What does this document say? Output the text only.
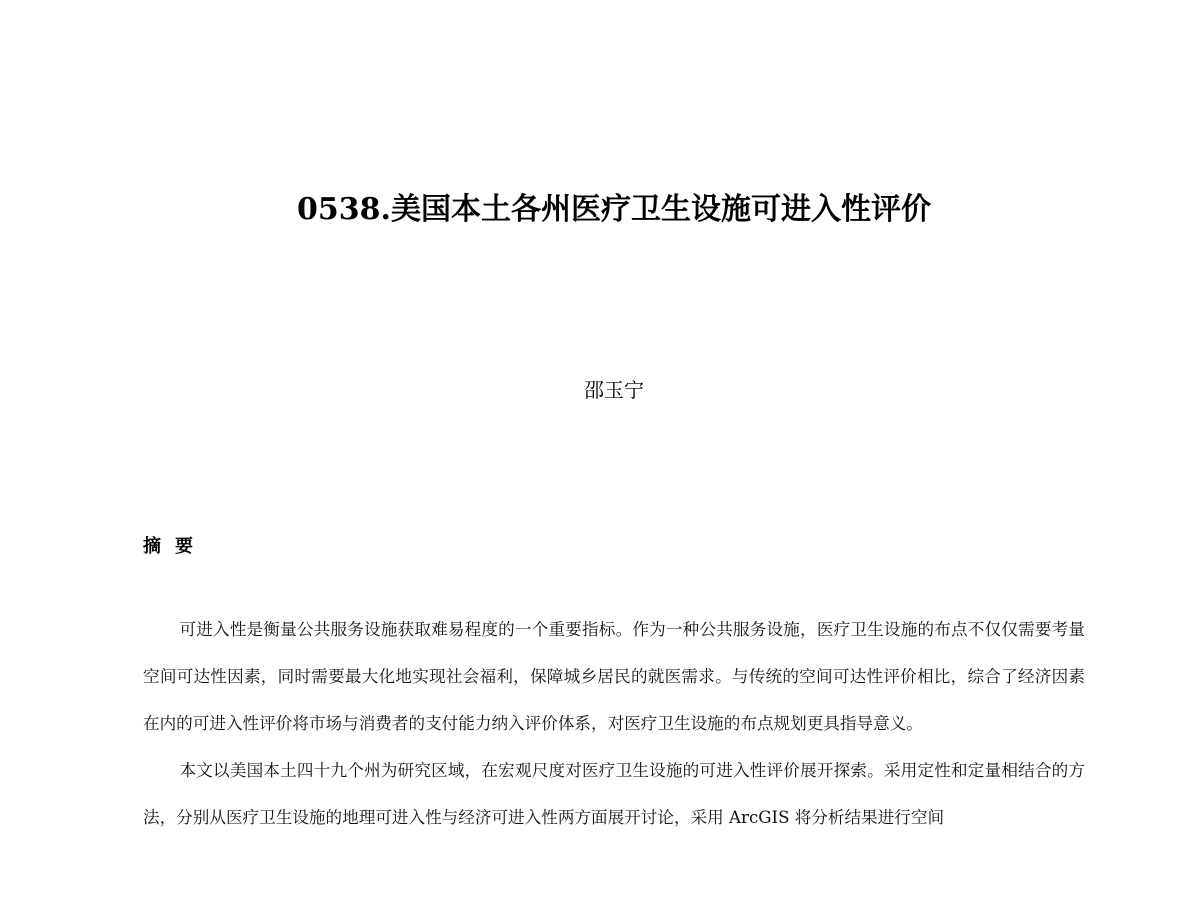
0538.美国本土各州医疗卫生设施可进入性评价
邵玉宁
摘要

可进入性是衡量公共服务设施获取难易程度的一个重要指标。作为一种公共服务设施，医疗卫生设施的布点不仅仅需要考量空间可达性因素，同时需要最大化地实现社会福利，保障城乡居民的就医需求。与传统的空间可达性评价相比，综合了经济因素在内的可进入性评价将市场与消费者的支付能力纳入评价体系，对医疗卫生设施的布点规划更具指导意义。

本文以美国本土四十九个州为研究区域，在宏观尺度对医疗卫生设施的可进入性评价展开探索。采用定性和定量相结合的方法，分别从医疗卫生设施的地理可进入性与经济可进入性两方面展开讨论，采用 ArcGIS 将分析结果进行空间
